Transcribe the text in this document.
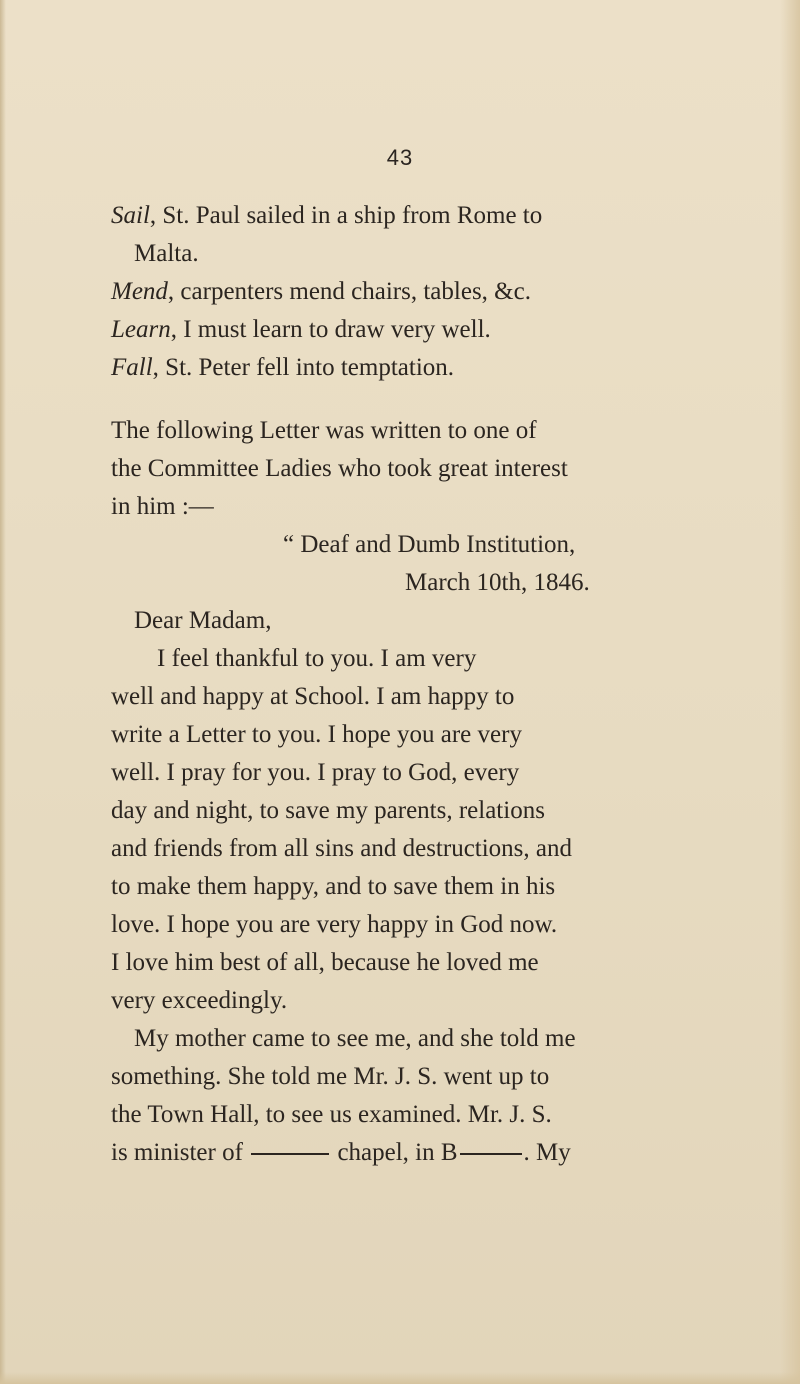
43
Sail, St. Paul sailed in a ship from Rome to
Malta.
Mend, carpenters mend chairs, tables, &c.
Learn, I must learn to draw very well.
Fall, St. Peter fell into temptation.
The following Letter was written to one of
the Committee Ladies who took great interest
in him :—
“ Deaf and Dumb Institution,
March 10th, 1846.
Dear Madam,
I feel thankful to you. I am very
well and happy at School. I am happy to
write a Letter to you. I hope you are very
well. I pray for you. I pray to God, every
day and night, to save my parents, relations
and friends from all sins and destructions, and
to make them happy, and to save them in his
love. I hope you are very happy in God now.
I love him best of all, because he loved me
very exceedingly.
My mother came to see me, and she told me
something. She told me Mr. J. S. went up to
the Town Hall, to see us examined. Mr. J. S.
is minister of	chapel, in B	. My
